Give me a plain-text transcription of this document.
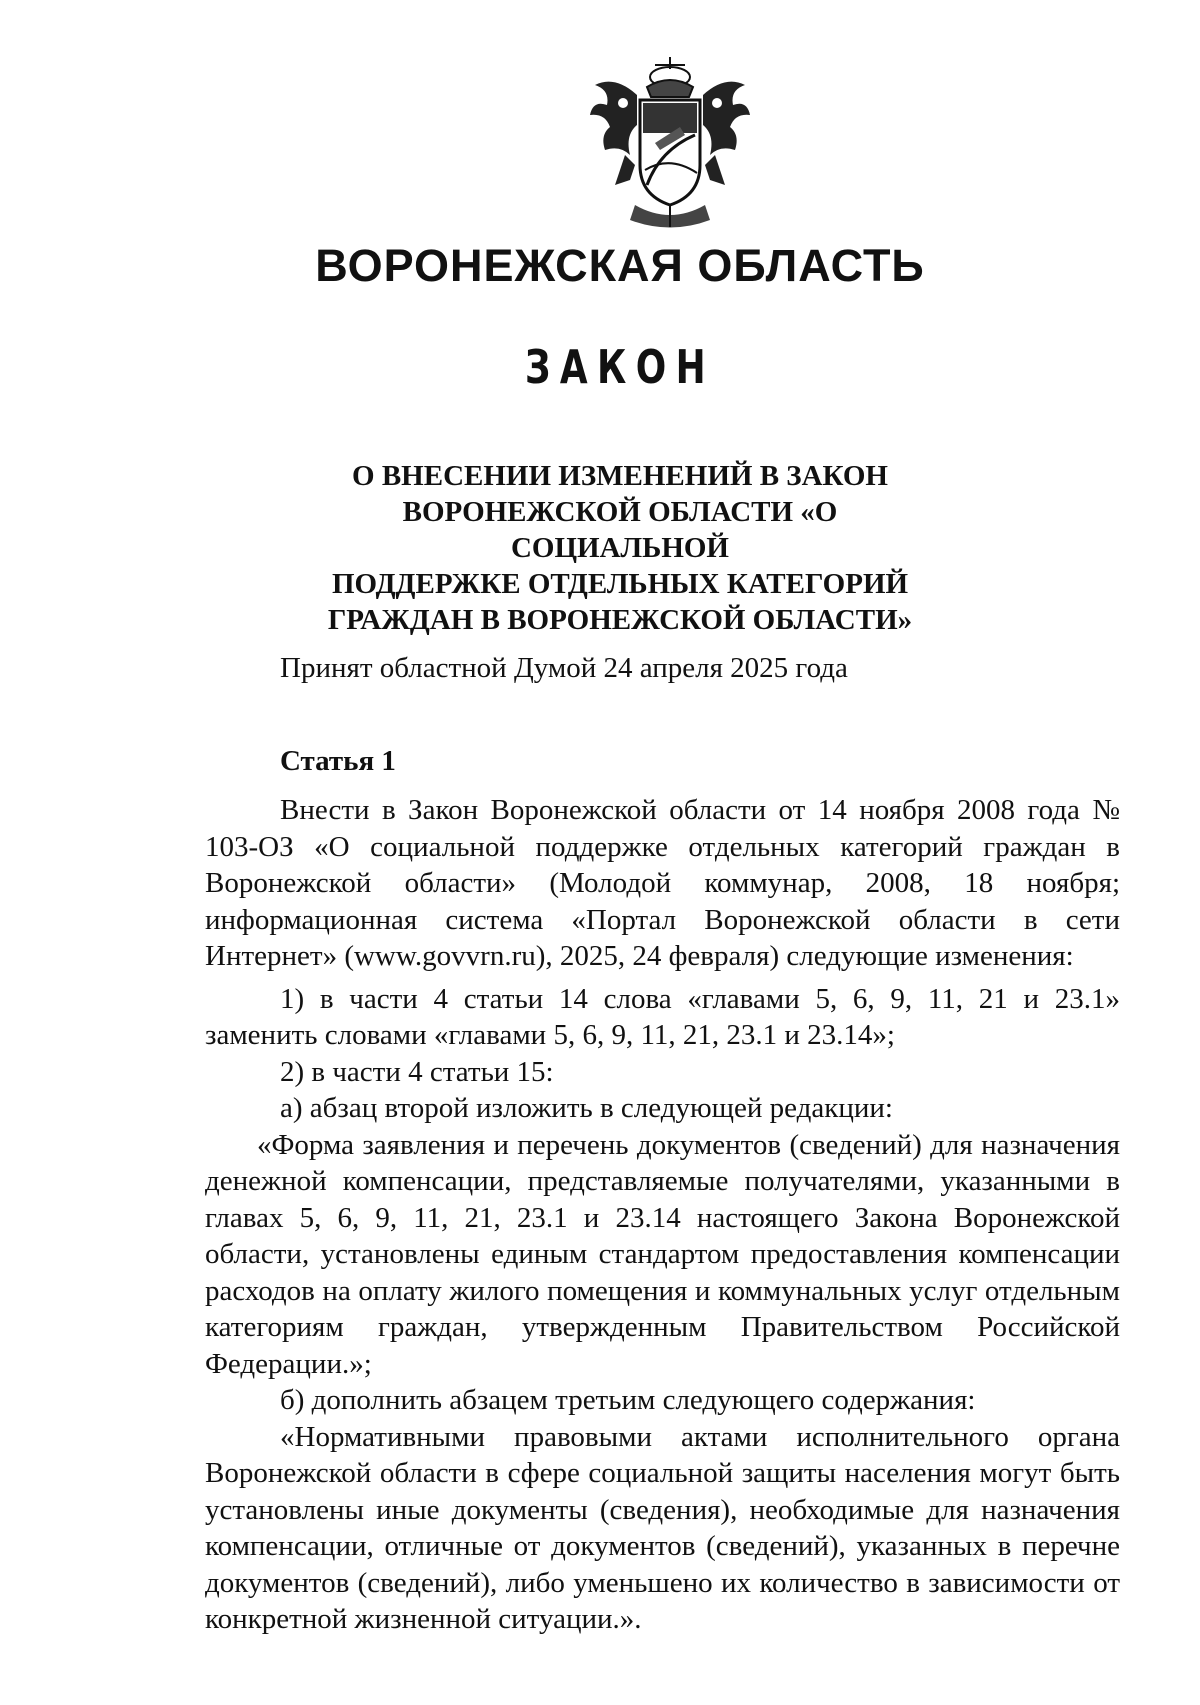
ВОРОНЕЖСКАЯ ОБЛАСТЬ
ЗАКОН
О ВНЕСЕНИИ ИЗМЕНЕНИЙ В ЗАКОН
ВОРОНЕЖСКОЙ ОБЛАСТИ «О СОЦИАЛЬНОЙ
ПОДДЕРЖКЕ ОТДЕЛЬНЫХ КАТЕГОРИЙ
ГРАЖДАН В ВОРОНЕЖСКОЙ ОБЛАСТИ»
Принят областной Думой 24 апреля 2025 года
Статья 1

Внести в Закон Воронежской области от 14 ноября 2008 года № 103-ОЗ «О социальной поддержке отдельных категорий граждан в Воронежской области» (Молодой коммунар, 2008, 18 ноября; информационная система «Портал Воронежской области в сети Интернет» (www.govvrn.ru), 2025, 24 февраля) следующие изменения:

1) в части 4 статьи 14 слова «главами 5, 6, 9, 11, 21 и 23.1» заменить словами «главами 5, 6, 9, 11, 21, 23.1 и 23.14»;

2) в части 4 статьи 15:

а) абзац второй изложить в следующей редакции:

«Форма заявления и перечень документов (сведений) для назначения денежной компенсации, представляемые получателями, указанными в главах 5, 6, 9, 11, 21, 23.1 и 23.14 настоящего Закона Воронежской области, установлены единым стандартом предоставления компенсации расходов на оплату жилого помещения и коммунальных услуг отдельным категориям граждан, утвержденным Правительством Российской Федерации.»;

б) дополнить абзацем третьим следующего содержания:

«Нормативными правовыми актами исполнительного органа Воронежской области в сфере социальной защиты населения могут быть установлены иные документы (сведения), необходимые для назначения компенсации, отличные от документов (сведений), указанных в перечне документов (сведений), либо уменьшено их количество в зависимости от конкретной жизненной ситуации.».
